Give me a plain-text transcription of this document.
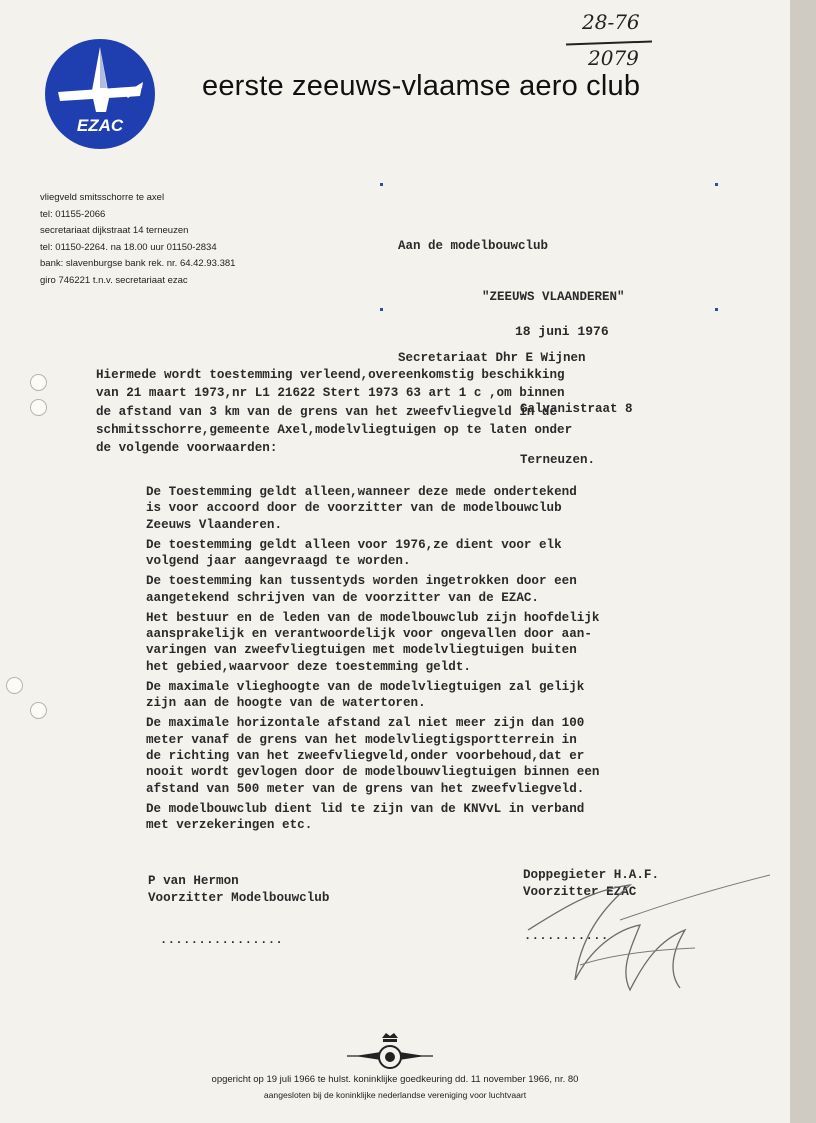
EZAC
eerste zeeuws-vlaamse aero club
28-76
2079
vliegveld smitsschorre te axel
tel: 01155-2066
secretariaat dijkstraat 14 terneuzen
tel: 01150-2264. na 18.00 uur 01150-2834
bank: slavenburgse bank rek. nr. 64.42.93.381
giro 746221 t.n.v. secretariaat ezac

Aan de modelbouwclub

"ZEEUWS VLAANDEREN"

Secretariaat Dhr E Wijnen

Galvanistraat 8

Terneuzen.

18 juni 1976
Hiermede wordt toestemming verleend,overeenkomstig beschikking
van 21 maart 1973,nr L1 21622 Stert 1973 63 art 1 c ,om binnen
de afstand van 3 km van de grens van het zweefvliegveld in de
schmitsschorre,gemeente Axel,modelvliegtuigen op te laten onder
de volgende voorwaarden:
De Toestemming geldt alleen,wanneer deze mede ondertekend
is voor accoord door de voorzitter van de modelbouwclub
Zeeuws Vlaanderen.
De toestemming geldt alleen voor 1976,ze dient voor elk
volgend jaar aangevraagd te worden.
De toestemming kan tussentyds worden ingetrokken door een
aangetekend schrijven van de voorzitter van de EZAC.
Het bestuur en de leden van de modelbouwclub zijn hoofdelijk
aansprakelijk en verantwoordelijk voor ongevallen door aan-
varingen van zweefvliegtuigen met modelvliegtuigen buiten
het gebied,waarvoor deze toestemming geldt.
De maximale vlieghoogte van de modelvliegtuigen zal gelijk
zijn aan de hoogte van de watertoren.
De maximale horizontale afstand zal niet meer zijn dan 100
meter vanaf de grens van het modelvliegtigsportterrein in
de richting van het zweefvliegveld,onder voorbehoud,dat er
nooit wordt gevlogen door de modelbouwvliegtuigen binnen een
afstand van 500 meter van de grens van het zweefvliegveld.
De modelbouwclub dient lid te zijn van de KNVvL in verband
met verzekeringen etc.
P van Hermon
Voorzitter Modelbouwclub
Doppegieter H.A.F.
Voorzitter EZAC
................	...........
opgericht op 19 juli 1966 te hulst. koninklijke goedkeuring dd. 11 november 1966, nr. 80
aangesloten bij de koninklijke nederlandse vereniging voor luchtvaart
